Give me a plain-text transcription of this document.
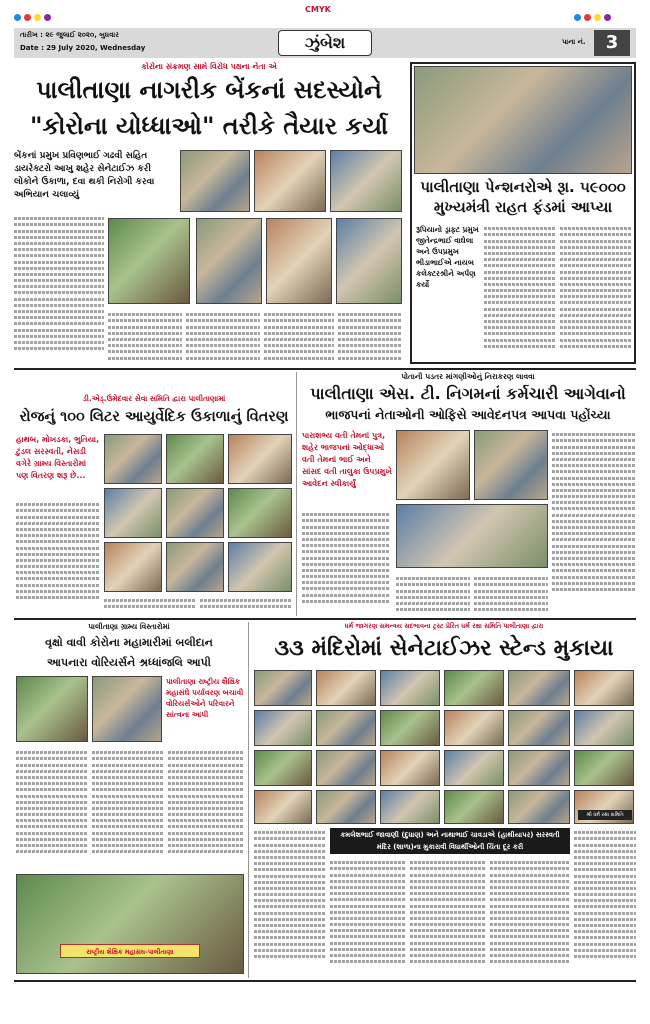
CMYK
તારીખ : ૨૯ જુલાઈ ૨૦૨૦, બુધવાર
Date : 29 July 2020, Wednesday	ઝુંબેશ	પાના નં.	3
કોરોના સંક્રમણ સામે વિરોધ પક્ષના નેતા એ
પાલીતાણા નાગરીક બેંકનાં સદસ્યોને
"કોરોના યોધ્ધાઓ" તરીકે તૈયાર કર્યા
બેંકનાં પ્રમુખ પ્રવિણભાઈ ગઢવી સહિત ડાયરેક્ટરો આખુ શહેર સેનેટાઈઝ કરી લોકોને ઉકાળા, દવા થકી નિરોગી કરવા અભિયાન ચલાવ્યું	પાલીતાણા પેન્શનરોએ રૂા. ૫૯૦૦૦
મુખ્યમંત્રી રાહત ફંડમાં આપ્યા
રૂપિયાનો ડ્રાફ્ટ પ્રમુખ જીતેન્દ્રભાઈ વાઘેલા અને ઉપપ્રમુખ ભીડાભાઈએ નાયબ કલેક્ટરશ્રીને અર્પણ કર્યો
પોતાની પડતર માંગણીઓનું નિરાકરણ લાવવા
પાલીતાણા એસ. ટી. નિગમનાં કર્મચારી આગેવાનો
ભાજપનાં નેતાઓની ઓફિસે આવેદનપત્ર આપવા પહોંચ્યા
પારાશભ્ય વતી તેમનાં પુત્ર, શહેર ભાજપનાં ઓદ્ધાઓ વતી તેમનાં ભાઈ અને સાંસદ વતી તાલુકા ઉપપ્રમુખે આવેદન સ્વીકાર્યું
ડી.એડ્.ઉમેદવાર સેવા સમિતિ દ્વારા પાલીતાણામાં
રોજનું ૧૦૦ લિટર આયુર્વેદિક ઉકાળાનું વિતરણ
હાથબ, મોખડકા, ભુતિયા, ટુંડલ સરસ્વતી, નેસડી વગેરે ગ્રામ્ય વિસ્તારોમાં પણ વિતરણ શરૂ છે...
પાલીતાણા ગ્રામ્ય વિસ્તારોમાં
વૃક્ષો વાવી કોરોના મહામારીમાં બલીદાન
આપનારા વોરિયર્સને શ્રધ્ધાંજલિ આપી
પાલીતાણા રાષ્ટ્રીય શૈક્ષિક મહાસંઘે પર્યાવરણ બચાવી વોરિયર્સઓને પરિવારને સાંત્વના આપી
રાષ્ટ્રીય શૈક્ષિક મહાસંઘ-પાલીતાણા
ધર્મ જાગરણ સમન્વય સદભાવના ટ્રસ્ટ પ્રેરિત ધર્મ રક્ષા સમિતિ પાલીતાણા દ્વારા
૩૩ મંદિરોમાં સેનેટાઈઝર સ્ટેન્ડ મુકાયા
શ્રી ધર્મ રક્ષા સમિતિ
કમલેશભાઈ જાવાણી (દુધાણ) અને નાથાભાઈ ચાવડાએ (હાથીયાપર) સરસ્વતી મંદિર (શાળા)ના મુકારાવી વિધાર્થીઓની ચિંતા દૂર કરી
